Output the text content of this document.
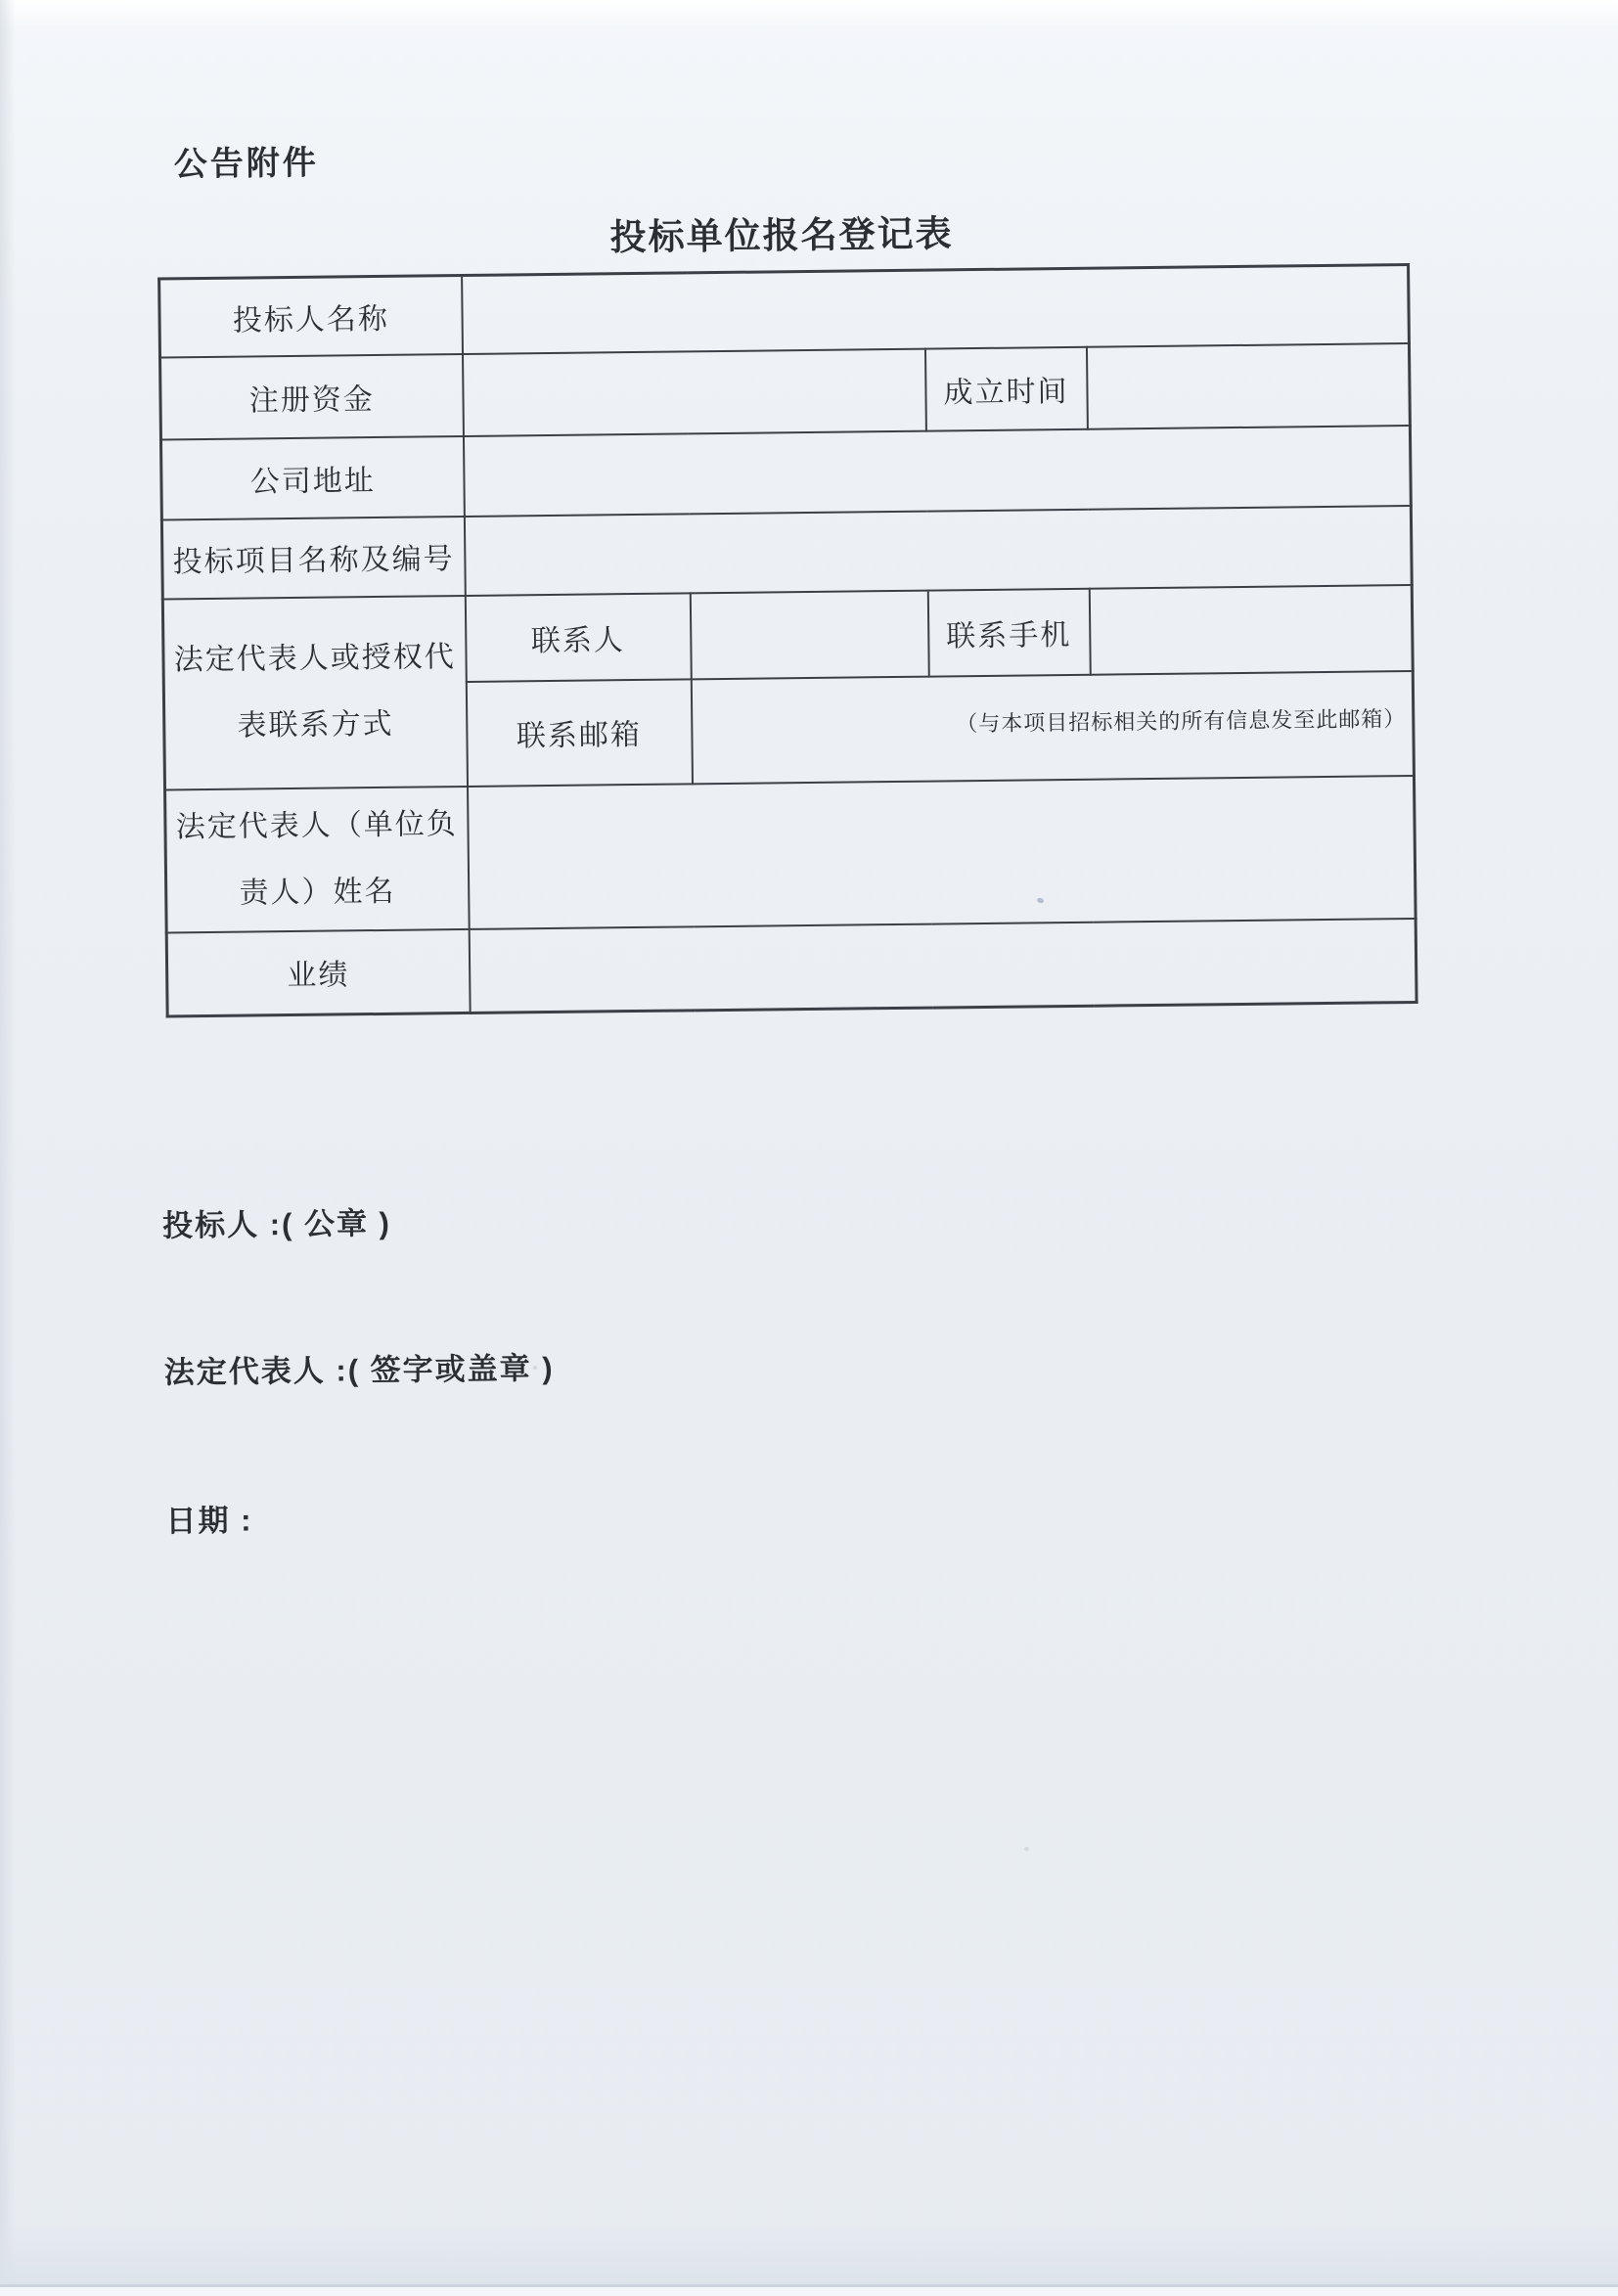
公告附件
投标单位报名登记表
投标人名称				
注册资金			成立时间	
公司地址				
投标项目名称及编号				

法定代表人或授权代
表联系方式	联系人		联系手机	
	联系邮箱	（与本项目招标相关的所有信息发至此邮箱）		

法定代表人（单位负
责人）姓名				

业绩				
投标人 :( 公章 )
法定代表人 :( 签字或盖章 )
日期 :
